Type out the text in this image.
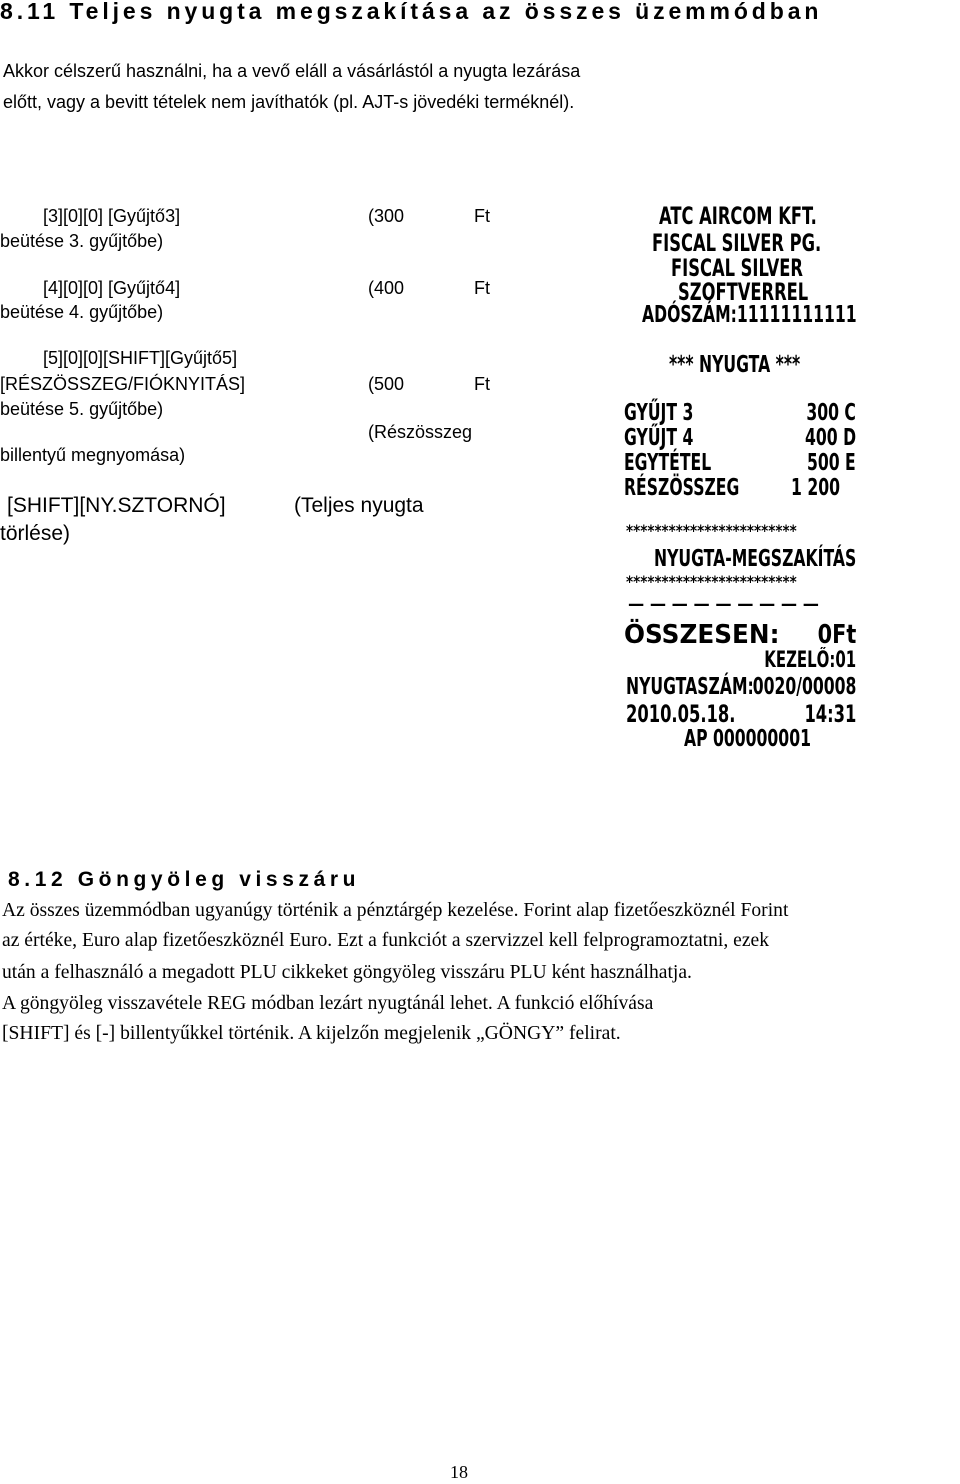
8.11 Teljes nyugta megszakítása az összes üzemmódban
Akkor célszerű használni, ha a vevő eláll a vásárlástól a nyugta lezárása
előtt, vagy a bevitt tételek nem javíthatók (pl. AJT-s jövedéki terméknél).
[3][0][0] [Gyűjtő3]	(300	Ft
beütése 3. gyűjtőbe)
[4][0][0] [Gyűjtő4]	(400	Ft
beütése 4. gyűjtőbe)
[5][0][0][SHIFT][Gyűjtő5]
[RÉSZÖSSZEG/FIÓKNYITÁS]	(500	Ft
beütése 5. gyűjtőbe)
(Részösszeg
billentyű megnyomása)
[SHIFT][NY.SZTORNÓ]	(Teljes nyugta
törlése)
ATC AIRCOM KFT.
FISCAL SILVER PG.
FISCAL SILVER
SZOFTVERREL
ADÓSZÁM:11111111111
*** NYUGTA ***
GYŰJT 3	300 C
GYŰJT 4	400 D
EGYTÉTEL	500 E
RÉSZÖSSZEG 1 200
************************
NYUGTA-MEGSZAKÍTÁS
************************
— — — — — — — — —
ÖSSZESEN: 0Ft
KEZELŐ:01
NYUGTASZÁM:
0020/00008
2010.05.18.	14:31
AP 000000001
8.12 Göngyöleg visszáru
Az összes üzemmódban ugyanúgy történik a pénztárgép kezelése. Forint alap fizetőeszköznél Forint
az értéke, Euro alap fizetőeszköznél Euro. Ezt a funkciót a szervizzel kell felprogramoztatni, ezek
után a felhasználó a megadott PLU cikkeket göngyöleg visszáru PLU ként használhatja.
A göngyöleg visszavétele REG módban lezárt nyugtánál lehet. A funkció előhívása
[SHIFT] és [-] billentyűkkel történik. A kijelzőn megjelenik „GÖNGY” felirat.
18
